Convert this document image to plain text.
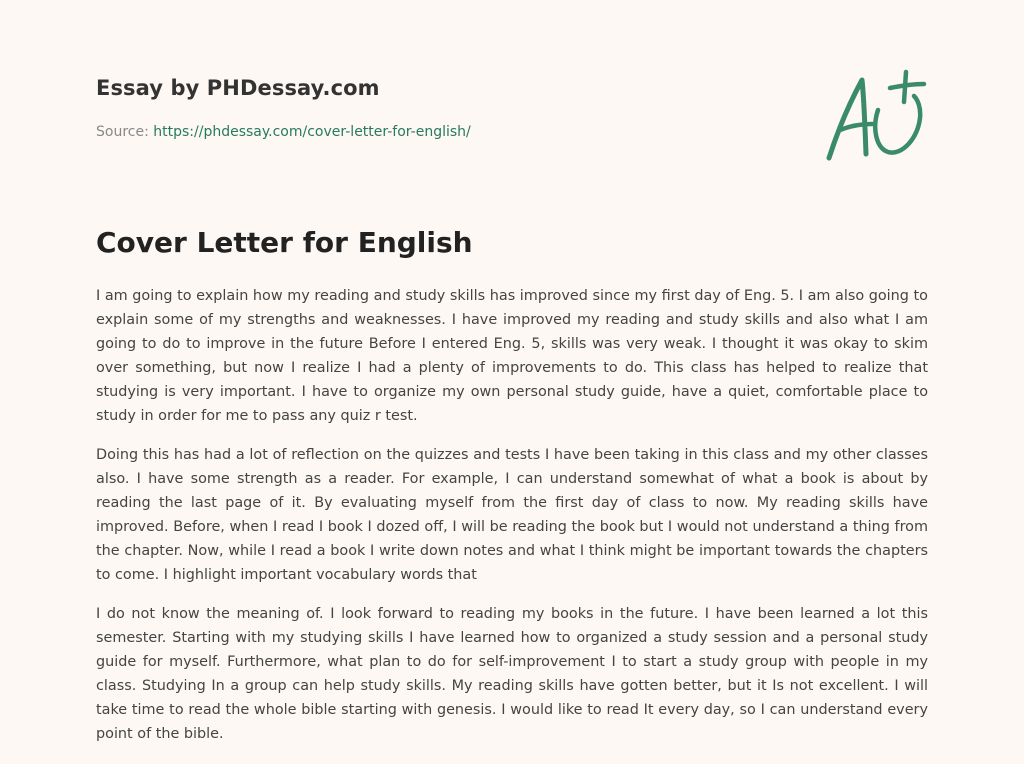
Essay by PHDessay.com
Source: https://phdessay.com/cover-letter-for-english/
Cover Letter for English

I am going to explain how my reading and study skills has improved since my first day of Eng. 5. I am also going to explain some of my strengths and weaknesses. I have improved my reading and study skills and also what I am going to do to improve in the future Before I entered Eng. 5, skills was very weak. I thought it was okay to skim over something, but now I realize I had a plenty of improvements to do. This class has helped to realize that studying is very important. I have to organize my own personal study guide, have a quiet, comfortable place to study in order for me to pass any quiz r test.

Doing this has had a lot of reflection on the quizzes and tests I have been taking in this class and my other classes also. I have some strength as a reader. For example, I can understand somewhat of what a book is about by reading the last page of it. By evaluating myself from the first day of class to now. My reading skills have improved. Before, when I read I book I dozed off, I will be reading the book but I would not understand a thing from the chapter. Now, while I read a book I write down notes and what I think might be important towards the chapters to come. I highlight important vocabulary words that

I do not know the meaning of. I look forward to reading my books in the future. I have been learned a lot this semester. Starting with my studying skills I have learned how to organized a study session and a personal study guide for myself. Furthermore, what plan to do for self-improvement I to start a study group with people in my class. Studying In a group can help study skills. My reading skills have gotten better, but it Is not excellent. I will take time to read the whole bible starting with genesis. I would like to read It every day, so I can understand every point of the bible.
